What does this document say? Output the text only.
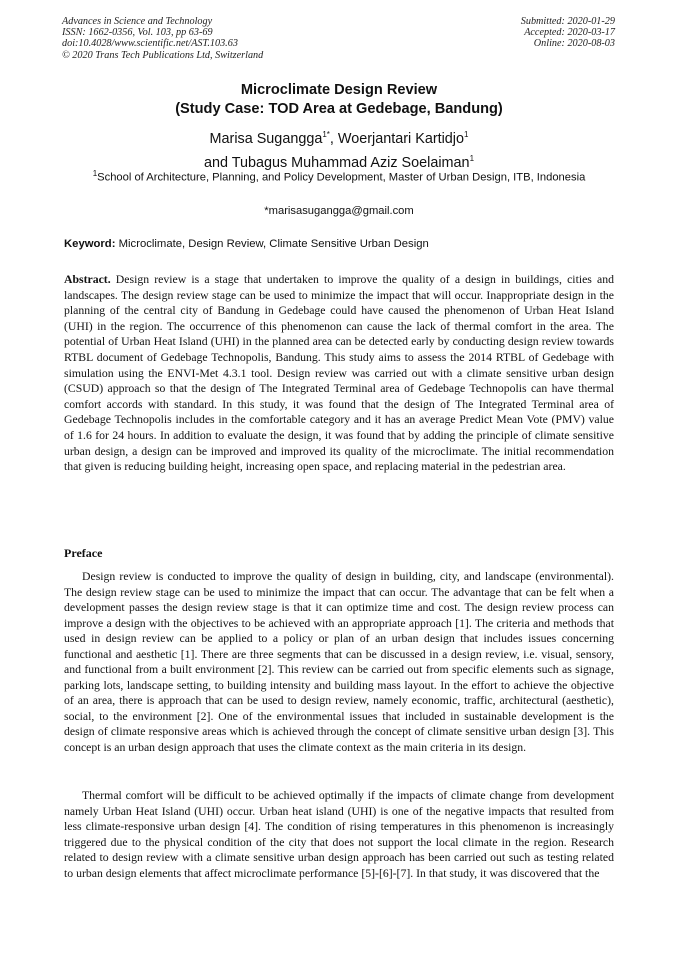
Advances in Science and Technology
ISSN: 1662-0356, Vol. 103, pp 63-69
doi:10.4028/www.scientific.net/AST.103.63
© 2020 Trans Tech Publications Ltd, Switzerland
Submitted: 2020-01-29
Accepted: 2020-03-17
Online: 2020-08-03
Microclimate Design Review
(Study Case: TOD Area at Gedebage, Bandung)
Marisa Sugangga$^{1*}$, Woerjantari Kartidjo$^1$
and Tubagus Muhammad Aziz Soelaiman$^1$
$^1$School of Architecture, Planning, and Policy Development, Master of Urban Design, ITB, Indonesia
*marisasugangga@gmail.com
Keyword: Microclimate, Design Review, Climate Sensitive Urban Design
Abstract. Design review is a stage that undertaken to improve the quality of a design in buildings, cities and landscapes. The design review stage can be used to minimize the impact that will occur. Inappropriate design in the planning of the central city of Bandung in Gedebage could have caused the phenomenon of Urban Heat Island (UHI) in the region. The occurrence of this phenomenon can cause the lack of thermal comfort in the area. The potential of Urban Heat Island (UHI) in the planned area can be detected early by conducting design review towards RTBL document of Gedebage Technopolis, Bandung. This study aims to assess the 2014 RTBL of Gedebage with simulation using the ENVI-Met 4.3.1 tool. Design review was carried out with a climate sensitive urban design (CSUD) approach so that the design of The Integrated Terminal area of Gedebage Technopolis can have thermal comfort accords with standard. In this study, it was found that the design of The Integrated Terminal area of Gedebage Technopolis includes in the comfortable category and it has an average Predict Mean Vote (PMV) value of 1.6 for 24 hours. In addition to evaluate the design, it was found that by adding the principle of climate sensitive urban design, a design can be improved and improved its quality of the microclimate. The initial recommendation that given is reducing building height, increasing open space, and replacing material in the pedestrian area.
Preface
Design review is conducted to improve the quality of design in building, city, and landscape (environmental). The design review stage can be used to minimize the impact that can occur. The advantage that can be felt when a development passes the design review stage is that it can optimize time and cost. The design review process can improve a design with the objectives to be achieved with an appropriate approach [1]. The criteria and methods that used in design review can be applied to a policy or plan of an urban design that includes issues concerning functional and aesthetic [1]. There are three segments that can be discussed in a design review, i.e. visual, sensory, and functional from a built environment [2]. This review can be carried out from specific elements such as signage, parking lots, landscape setting, to building intensity and building mass layout. In the effort to achieve the objective of an area, there is approach that can be used to design review, namely economic, traffic, architectural (aesthetic), social, to the environment [2]. One of the environmental issues that included in sustainable development is the design of climate responsive areas which is achieved through the concept of climate sensitive urban design [3]. This concept is an urban design approach that uses the climate context as the main criteria in its design.
Thermal comfort will be difficult to be achieved optimally if the impacts of climate change from development namely Urban Heat Island (UHI) occur. Urban heat island (UHI) is one of the negative impacts that resulted from less climate-responsive urban design [4]. The condition of rising temperatures in this phenomenon is increasingly triggered due to the physical condition of the city that does not support the local climate in the region. Research related to design review with a climate sensitive urban design approach has been carried out such as testing related to urban design elements that affect microclimate performance [5]-[6]-[7]. In that study, it was discovered that the
